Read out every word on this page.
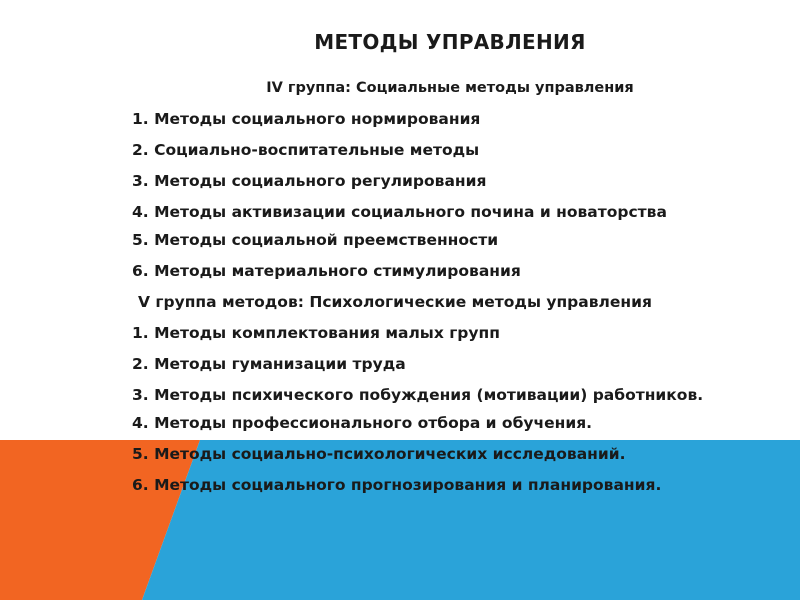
МЕТОДЫ УПРАВЛЕНИЯ
IV группа: Социальные методы управления
1. Методы социального нормирования
2. Социально-воспитательные методы
3. Методы социального регулирования
4. Методы активизации социального почина и новаторства
5. Методы социальной преемственности
6. Методы материального стимулирования
V группа методов: Психологические методы управления
1. Методы комплектования малых групп
2. Методы гуманизации труда
3. Методы психического побуждения (мотивации) работников.
4. Методы профессионального отбора и обучения.
5. Методы социально-психологических исследований.
6. Методы социального прогнозирования и планирования.
